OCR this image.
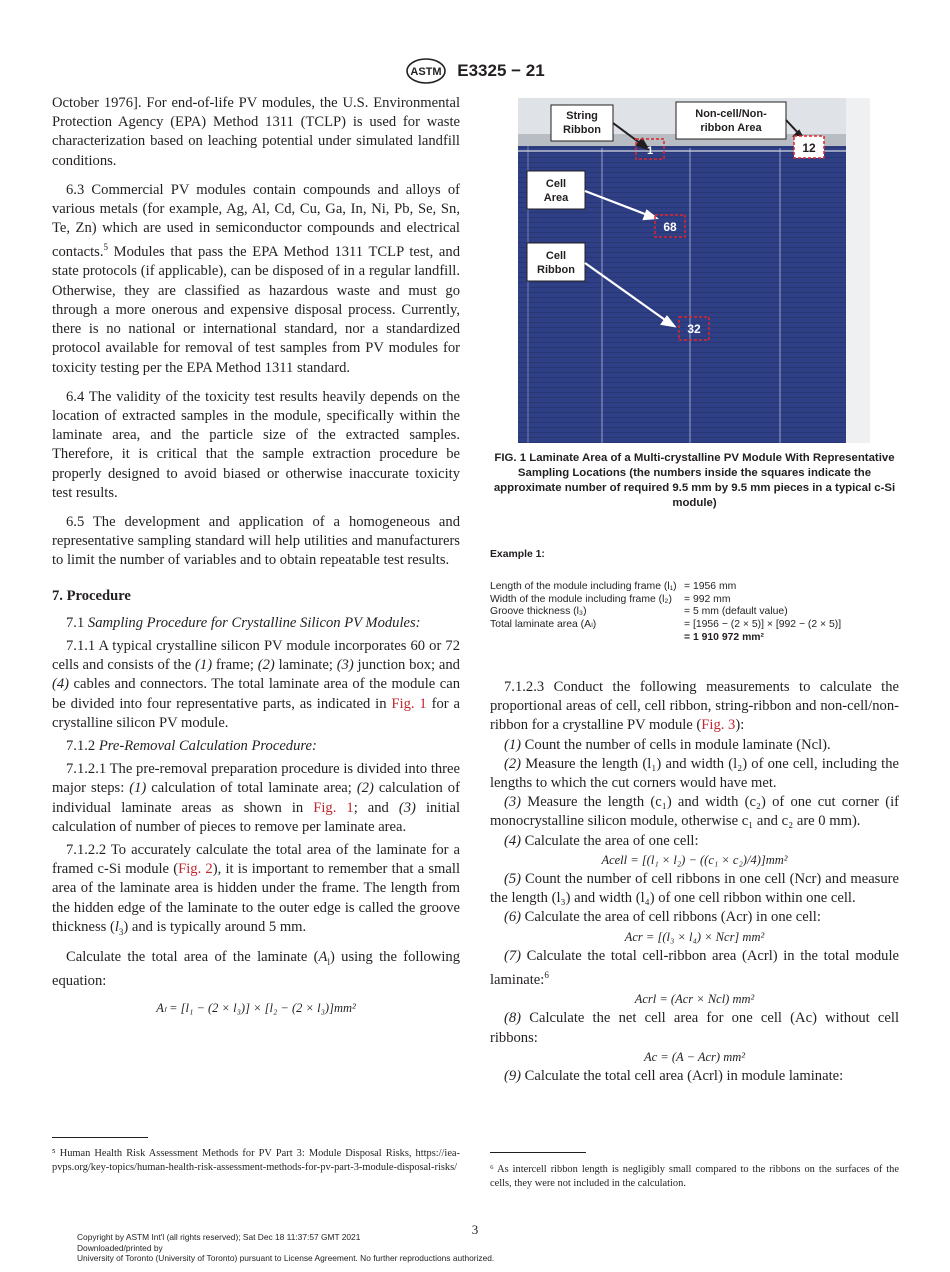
ASTM E3325 − 21

October 1976]. For end-of-life PV modules, the U.S. Environmental Protection Agency (EPA) Method 1311 (TCLP) is used for waste characterization based on leaching potential under simulated landfill conditions.

6.3 Commercial PV modules contain compounds and alloys of various metals (for example, Ag, Al, Cd, Cu, Ga, In, Ni, Pb, Se, Sn, Te, Zn) which are used in semiconductor compounds and electrical contacts.$^5$ Modules that pass the EPA Method 1311 TCLP test, and state protocols (if applicable), can be disposed of in a regular landfill. Otherwise, they are classified as hazardous waste and must go through a more onerous and expensive disposal process. Currently, there is no national or international standard, nor a standardized protocol available for removal of test samples from PV modules for toxicity testing per the EPA Method 1311 standard.

6.4 The validity of the toxicity test results heavily depends on the location of extracted samples in the module, specifically within the laminate area, and the particle size of the extracted samples. Therefore, it is critical that the sample extraction procedure be properly designed to avoid biased or otherwise inaccurate toxicity test results.

6.5 The development and application of a homogeneous and representative sampling standard will help utilities and manufacturers to limit the number of variables and to obtain repeatable test results.

7. Procedure

7.1 Sampling Procedure for Crystalline Silicon PV Modules:

7.1.1 A typical crystalline silicon PV module incorporates 60 or 72 cells and consists of the (1) frame; (2) laminate; (3) junction box; and (4) cables and connectors. The total laminate area of the module can be divided into four representative parts, as indicated in Fig. 1 for a crystalline silicon PV module.

7.1.2 Pre-Removal Calculation Procedure:

7.1.2.1 The pre-removal preparation procedure is divided into three major steps: (1) calculation of total laminate area; (2) calculation of individual laminate areas as shown in Fig. 1; and (3) initial calculation of number of pieces to remove per laminate area.

7.1.2.2 To accurately calculate the total area of the laminate for a framed c-Si module (Fig. 2), it is important to remember that a small area of the laminate area is hidden under the frame. The length from the hidden edge of the laminate to the outer edge is called the groove thickness $(l_3)$ and is typically around 5 mm.

Calculate the total area of the laminate $(A_l)$ using the following equation:

Aₗ = [l₁ − (2 × l₃)] × [l₂ − (2 × l₃)]mm²

String
Ribbon
Non-cell/Non-
ribbon Area
Cell
Area
Cell
Ribbon
1	12
68
32
FIG. 1 Laminate Area of a Multi-crystalline PV Module With Representative Sampling Locations (the numbers inside the squares indicate the approximate number of required 9.5 mm by 9.5 mm pieces in a typical c-Si module)
Example 1:
Length of the module including frame (l₁)	= 1956 mm
Width of the module including frame (l₂)	= 992 mm
Groove thickness (l₃)	= 5 mm (default value)
Total laminate area (Aₗ)	= [1956 − (2 × 5)] × [992 − (2 × 5)]
	= 1 910 972 mm²

7.1.2.3 Conduct the following measurements to calculate the proportional areas of cell, cell ribbon, string-ribbon and non-cell/non-ribbon for a crystalline PV module (Fig. 3):

(1) Count the number of cells in module laminate (Ncl).

(2) Measure the length (l₁) and width (l₂) of one cell, including the lengths to which the cut corners would have met.

(3) Measure the length (c₁) and width (c₂) of one cut corner (if monocrystalline silicon module, otherwise c₁ and c₂ are 0 mm).

(4) Calculate the area of one cell:

Acell = [(l₁ × l₂) − ((c₁ × c₂)/4)]mm²

(5) Count the number of cell ribbons in one cell (Ncr) and measure the length (l₃) and width (l₄) of one cell ribbon within one cell.

(6) Calculate the area of cell ribbons (Acr) in one cell:

Acr = [(l₃ × l₄) × Ncr] mm²

(7) Calculate the total cell-ribbon area (Acrl) in the total module laminate:$^6$

Acrl = (Acr × Ncl) mm²

(8) Calculate the net cell area for one cell (Ac) without cell ribbons:

Ac = (A − Acr) mm²

(9) Calculate the total cell area (Acrl) in module laminate:

⁵ Human Health Risk Assessment Methods for PV Part 3: Module Disposal Risks, https://iea-pvps.org/key-topics/human-health-risk-assessment-methods-for-pv-part-3-module-disposal-risks/	⁶ As intercell ribbon length is negligibly small compared to the ribbons on the surfaces of the cells, they were not included in the calculation.
3
Copyright by ASTM Int'l (all rights reserved); Sat Dec 18 11:37:57 GMT 2021
Downloaded/printed by
University of Toronto (University of Toronto) pursuant to License Agreement. No further reproductions authorized.
